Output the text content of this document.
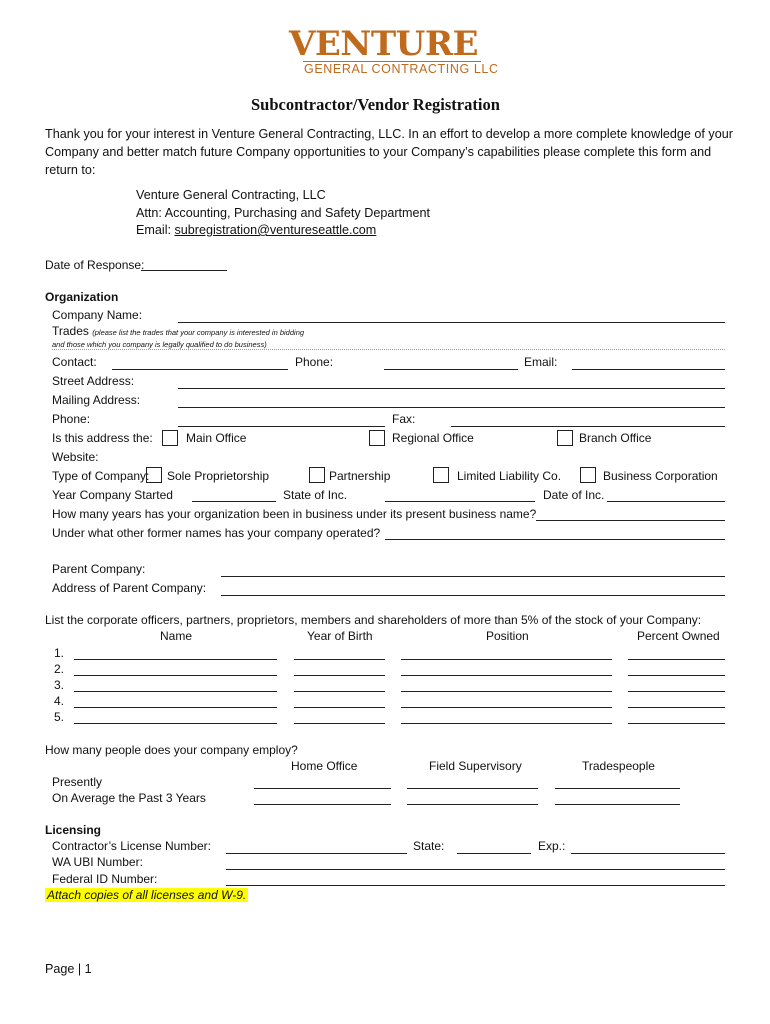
VENTURE
GENERAL CONTRACTING LLC
Subcontractor/Vendor Registration
Thank you for your interest in Venture General Contracting, LLC. In an effort to develop a more complete knowledge of your Company and better match future Company opportunities to your Company’s capabilities please complete this form and return to:
Venture General Contracting, LLC
Attn: Accounting, Purchasing and Safety Department
Email: subregistration@ventureseattle.com
Date of Response:
Organization
Company Name:
Trades (please list the trades that your company is interested in bidding
and those which you company is legally qualified to do business)
Contact:	Phone:	Email:
Street Address:
Mailing Address:
Phone:	Fax:
Is this address the:	Main Office	Regional Office	Branch Office
Website:
Type of Company: Sole Proprietorship	Partnership	Limited Liability Co.	Business Corporation
Year Company Started	State of Inc.	Date of Inc.
How many years has your organization been in business under its present business name?
Under what other former names has your company operated?
Parent Company:
Address of Parent Company:
List the corporate officers, partners, proprietors, members and shareholders of more than 5% of the stock of your Company:
Name	Year of Birth	Position	Percent Owned
1.
2.
3.
4.
5.
How many people does your company employ?
Home Office	Field Supervisory	Tradespeople
Presently
On Average the Past 3 Years
Licensing
Contractor’s License Number:	State:	Exp.:
WA UBI Number:
Federal ID Number:
Attach copies of all licenses and W-9.
Page | 1
